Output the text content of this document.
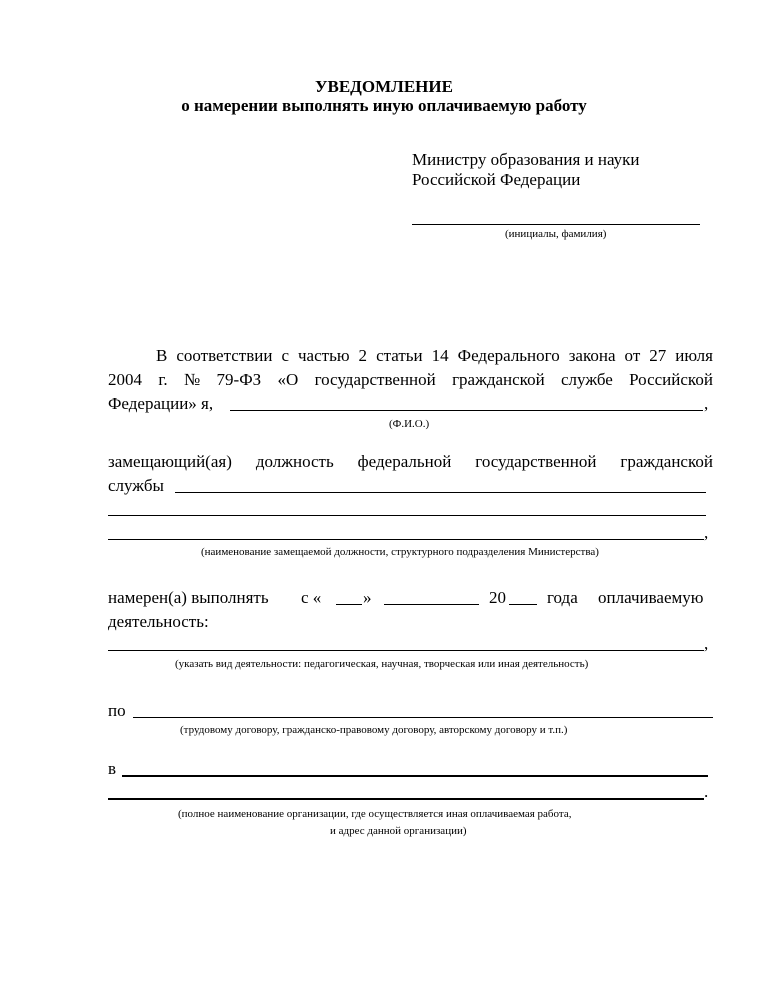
УВЕДОМЛЕНИЕ
о намерении выполнять иную оплачиваемую работу
Министру образования и науки
Российской Федерации
(инициалы, фамилия)
В соответствии с частью 2 статьи 14 Федерального закона от 27 июля
2004 г. № 79-ФЗ «О государственной гражданской службе Российской
Федерации» я,	,
(Ф.И.О.)
замещающий(ая) должность федеральной государственной гражданской
службы
,
(наименование замещаемой должности, структурного подразделения Министерства)
намерен(а) выполнять с « »	20 года оплачиваемую
деятельность:
,
(указать вид деятельности: педагогическая, научная, творческая или иная деятельность)
по
(трудовому договору, гражданско-правовому договору, авторскому договору и т.п.)
в
.
(полное наименование организации, где осуществляется иная оплачиваемая работа,
и адрес данной организации)
